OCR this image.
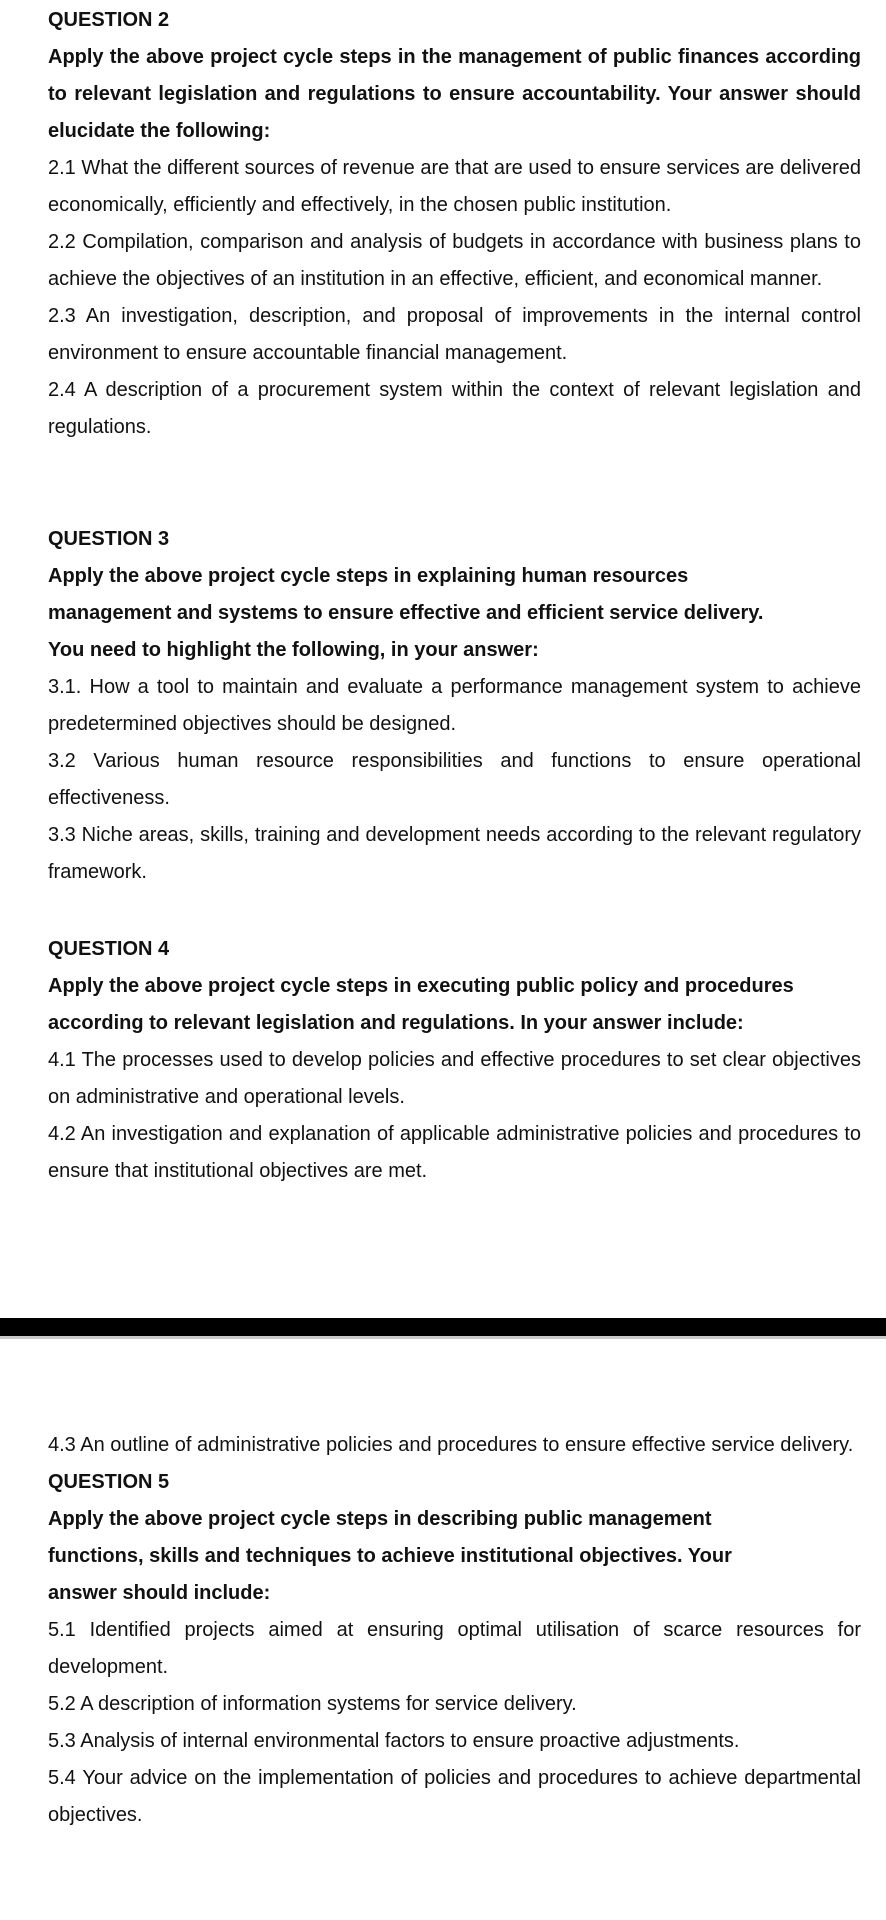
QUESTION 2

Apply the above project cycle steps in the management of public finances according to relevant legislation and regulations to ensure accountability. Your answer should elucidate the following:

2.1 What the different sources of revenue are that are used to ensure services are delivered economically, efficiently and effectively, in the chosen public institution.

2.2 Compilation, comparison and analysis of budgets in accordance with business plans to achieve the objectives of an institution in an effective, efficient, and economical manner.

2.3 An investigation, description, and proposal of improvements in the internal control environment to ensure accountable financial management.

2.4 A description of a procurement system within the context of relevant legislation and regulations.

QUESTION 3

Apply the above project cycle steps in explaining human resources

management and systems to ensure effective and efficient service delivery.

You need to highlight the following, in your answer:

3.1. How a tool to maintain and evaluate a performance management system to achieve predetermined objectives should be designed.

3.2 Various human resource responsibilities and functions to ensure operational effectiveness.

3.3 Niche areas, skills, training and development needs according to the relevant regulatory framework.

QUESTION 4

Apply the above project cycle steps in executing public policy and procedures

according to relevant legislation and regulations. In your answer include:

4.1 The processes used to develop policies and effective procedures to set clear objectives on administrative and operational levels.

4.2 An investigation and explanation of applicable administrative policies and procedures to ensure that institutional objectives are met.

4.3 An outline of administrative policies and procedures to ensure effective service delivery.

QUESTION 5

Apply the above project cycle steps in describing public management

functions, skills and techniques to achieve institutional objectives. Your

answer should include:

5.1 Identified projects aimed at ensuring optimal utilisation of scarce resources for development.

5.2 A description of information systems for service delivery.

5.3 Analysis of internal environmental factors to ensure proactive adjustments.

5.4 Your advice on the implementation of policies and procedures to achieve departmental objectives.
